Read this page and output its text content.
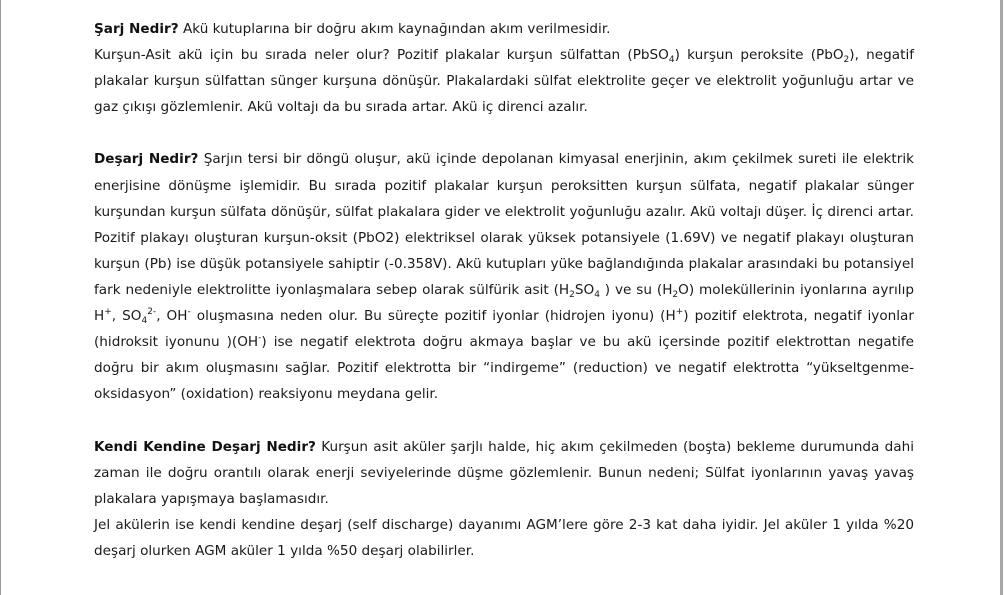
Şarj Nedir? Akü kutuplarına bir doğru akım kaynağından akım verilmesidir.

Kurşun-Asit akü için bu sırada neler olur? Pozitif plakalar kurşun sülfattan (PbSO$_4$) kurşun peroksite (PbO$_2$), negatif plakalar kurşun sülfattan sünger kurşuna dönüşür. Plakalardaki sülfat elektrolite geçer ve elektrolit yoğunluğu artar ve gaz çıkışı gözlemlenir. Akü voltajı da bu sırada artar. Akü iç direnci azalır.

Deşarj Nedir? Şarjın tersi bir döngü oluşur, akü içinde depolanan kimyasal enerjinin, akım çekilmek sureti ile elektrik enerjisine dönüşme işlemidir. Bu sırada pozitif plakalar kurşun peroksitten kurşun sülfata, negatif plakalar sünger kurşundan kurşun sülfata dönüşür, sülfat plakalara gider ve elektrolit yoğunluğu azalır. Akü voltajı düşer. İç direnci artar. Pozitif plakayı oluşturan kurşun-oksit (PbO2) elektriksel olarak yüksek potansiyele (1.69V) ve negatif plakayı oluşturan kurşun (Pb) ise düşük potansiyele sahiptir (-0.358V). Akü kutupları yüke bağlandığında plakalar arasındaki bu potansiyel fark nedeniyle elektrolitte iyonlaşmalara sebep olarak sülfürik asit ($H_2SO_4$ ) ve su $(H_2O)$ moleküllerinin iyonlarına ayrılıp H+, $SO_4^{2-}$, OH- oluşmasına neden olur. Bu süreçte pozitif iyonlar (hidrojen iyonu) (H+) pozitif elektrota, negatif iyonlar (hidroksit iyonunu )(OH-) ise negatif elektrota doğru akmaya başlar ve bu akü içersinde pozitif elektrottan negatife doğru bir akım oluşmasını sağlar. Pozitif elektrotta bir “indirgeme” (reduction) ve negatif elektrotta “yükseltgenme-oksidasyon” (oxidation) reaksiyonu meydana gelir.

Kendi Kendine Deşarj Nedir? Kurşun asit aküler şarjlı halde, hiç akım çekilmeden (boşta) bekleme durumunda dahi zaman ile doğru orantılı olarak enerji seviyelerinde düşme gözlemlenir. Bunun nedeni; Sülfat iyonlarının yavaş yavaş plakalara yapışmaya başlamasıdır.

Jel akülerin ise kendi kendine deşarj (self discharge) dayanımı AGM’lere göre 2-3 kat daha iyidir. Jel aküler 1 yılda %20 deşarj olurken AGM aküler 1 yılda %50 deşarj olabilirler.
